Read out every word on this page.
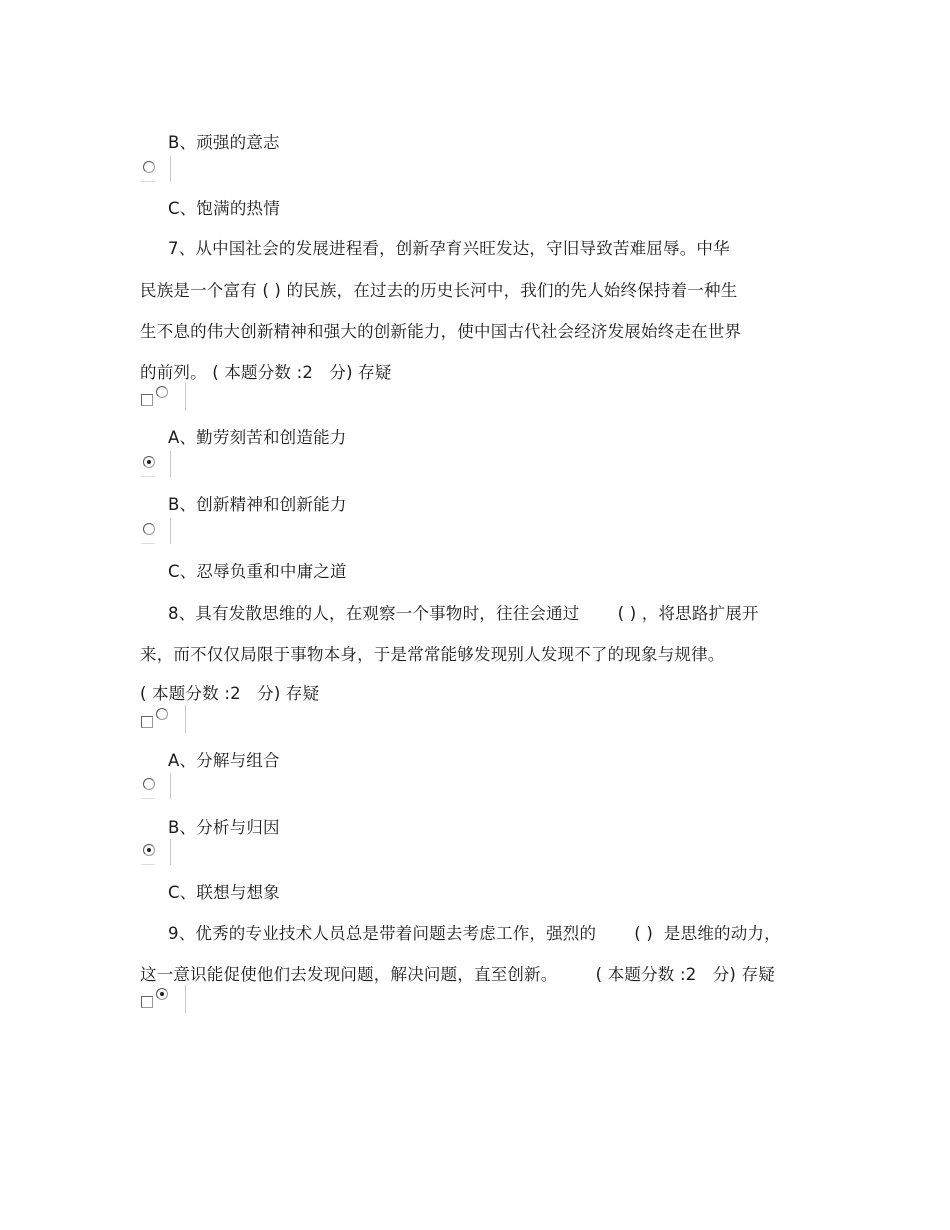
B、顽强的意志
C、饱满的热情
7、从中国社会的发展进程看，创新孕育兴旺发达，守旧导致苦难屈辱。中华
民族是一个富有 ( ) 的民族，在过去的历史长河中，我们的先人始终保持着一种生
生不息的伟大创新精神和强大的创新能力，使中国古代社会经济发展始终走在世界
的前列。 ( 本题分数 :2   分) 存疑
A、勤劳刻苦和创造能力
B、创新精神和创新能力
C、忍辱负重和中庸之道
8、具有发散思维的人，在观察一个事物时，往往会通过       ( ) ，将思路扩展开
来，而不仅仅局限于事物本身，于是常常能够发现别人发现不了的现象与规律。
( 本题分数 :2   分) 存疑
A、分解与组合
B、分析与归因
C、联想与想象
9、优秀的专业技术人员总是带着问题去考虑工作，强烈的       ( )  是思维的动力，
这一意识能促使他们去发现问题，解决问题，直至创新。       ( 本题分数 :2   分) 存疑
